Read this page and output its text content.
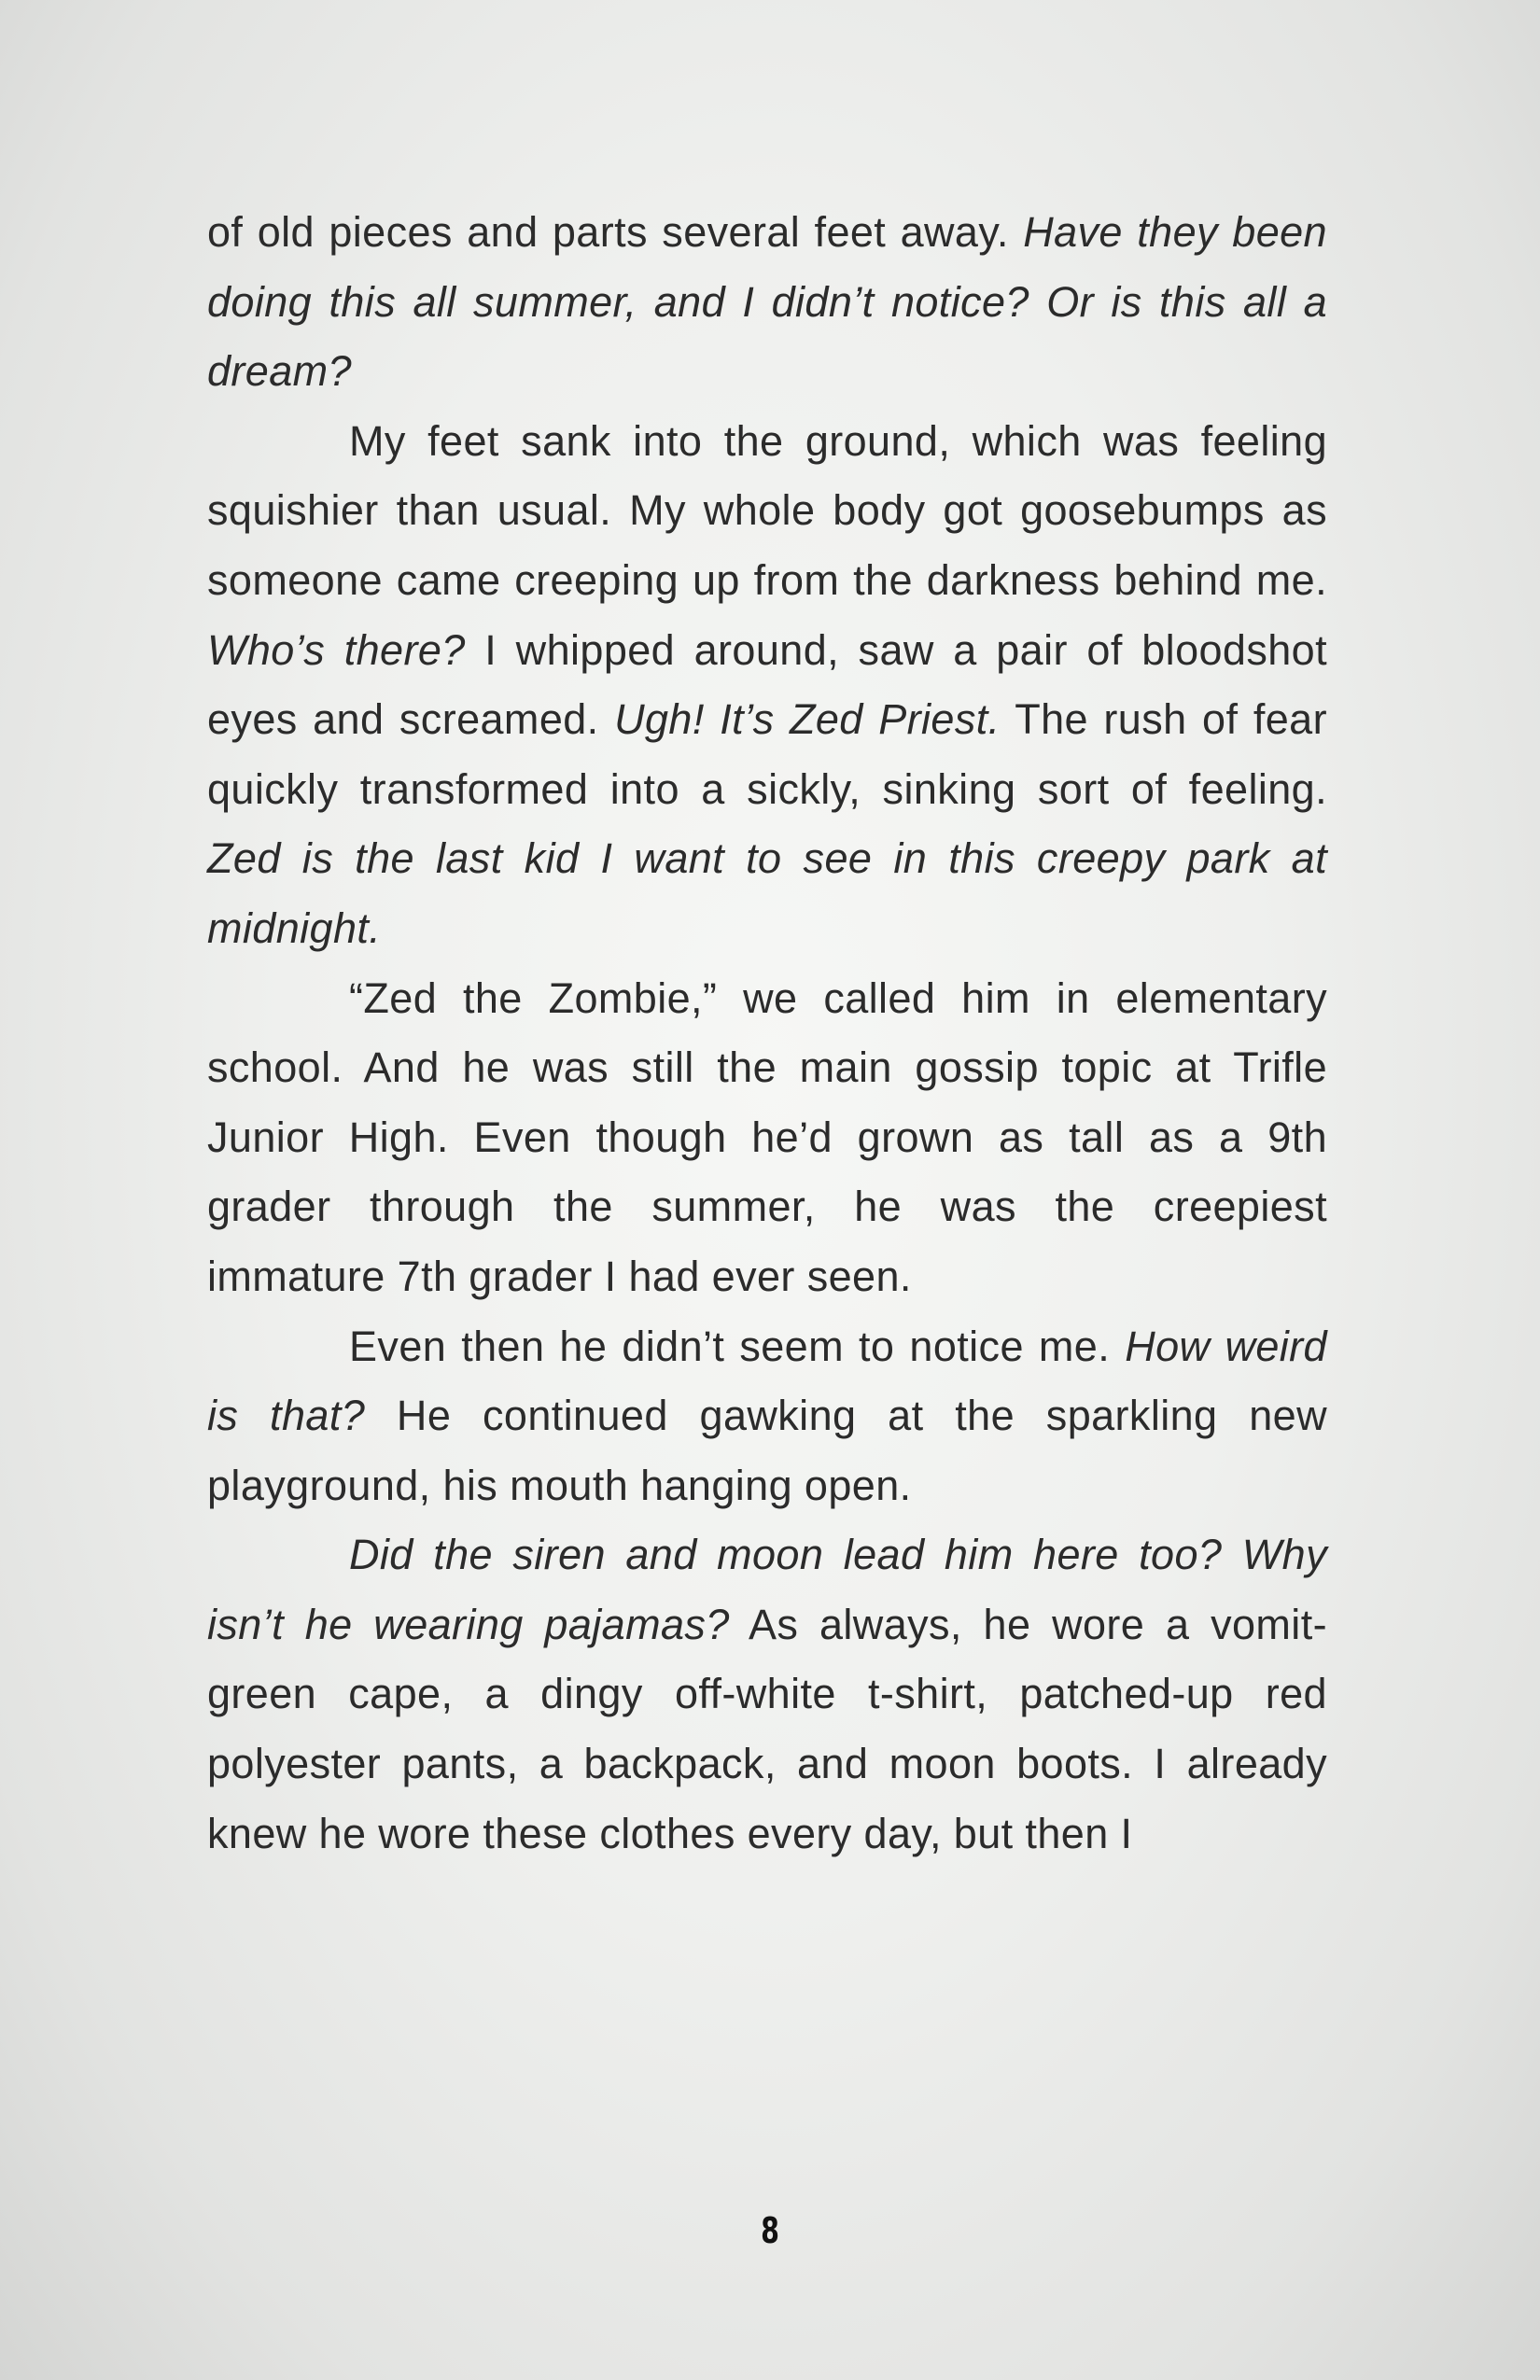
of old pieces and parts several feet away. Have they been doing this all summer, and I didn’t notice? Or is this all a dream?

My feet sank into the ground, which was feeling squishier than usual. My whole body got goosebumps as someone came creeping up from the darkness behind me. Who’s there? I whipped around, saw a pair of bloodshot eyes and screamed. Ugh! It’s Zed Priest. The rush of fear quickly transformed into a sickly, sinking sort of feeling. Zed is the last kid I want to see in this creepy park at midnight.

“Zed the Zombie,” we called him in elementary school. And he was still the main gossip topic at Trifle Junior High. Even though he’d grown as tall as a 9th grader through the summer, he was the creepiest immature 7th grader I had ever seen.

Even then he didn’t seem to notice me. How weird is that? He continued gawking at the sparkling new playground, his mouth hanging open.

Did the siren and moon lead him here too? Why isn’t he wearing pajamas? As always, he wore a vomit-green cape, a dingy off-white t-shirt, patched-up red polyester pants, a backpack, and moon boots. I already knew he wore these clothes every day, but then I

8
